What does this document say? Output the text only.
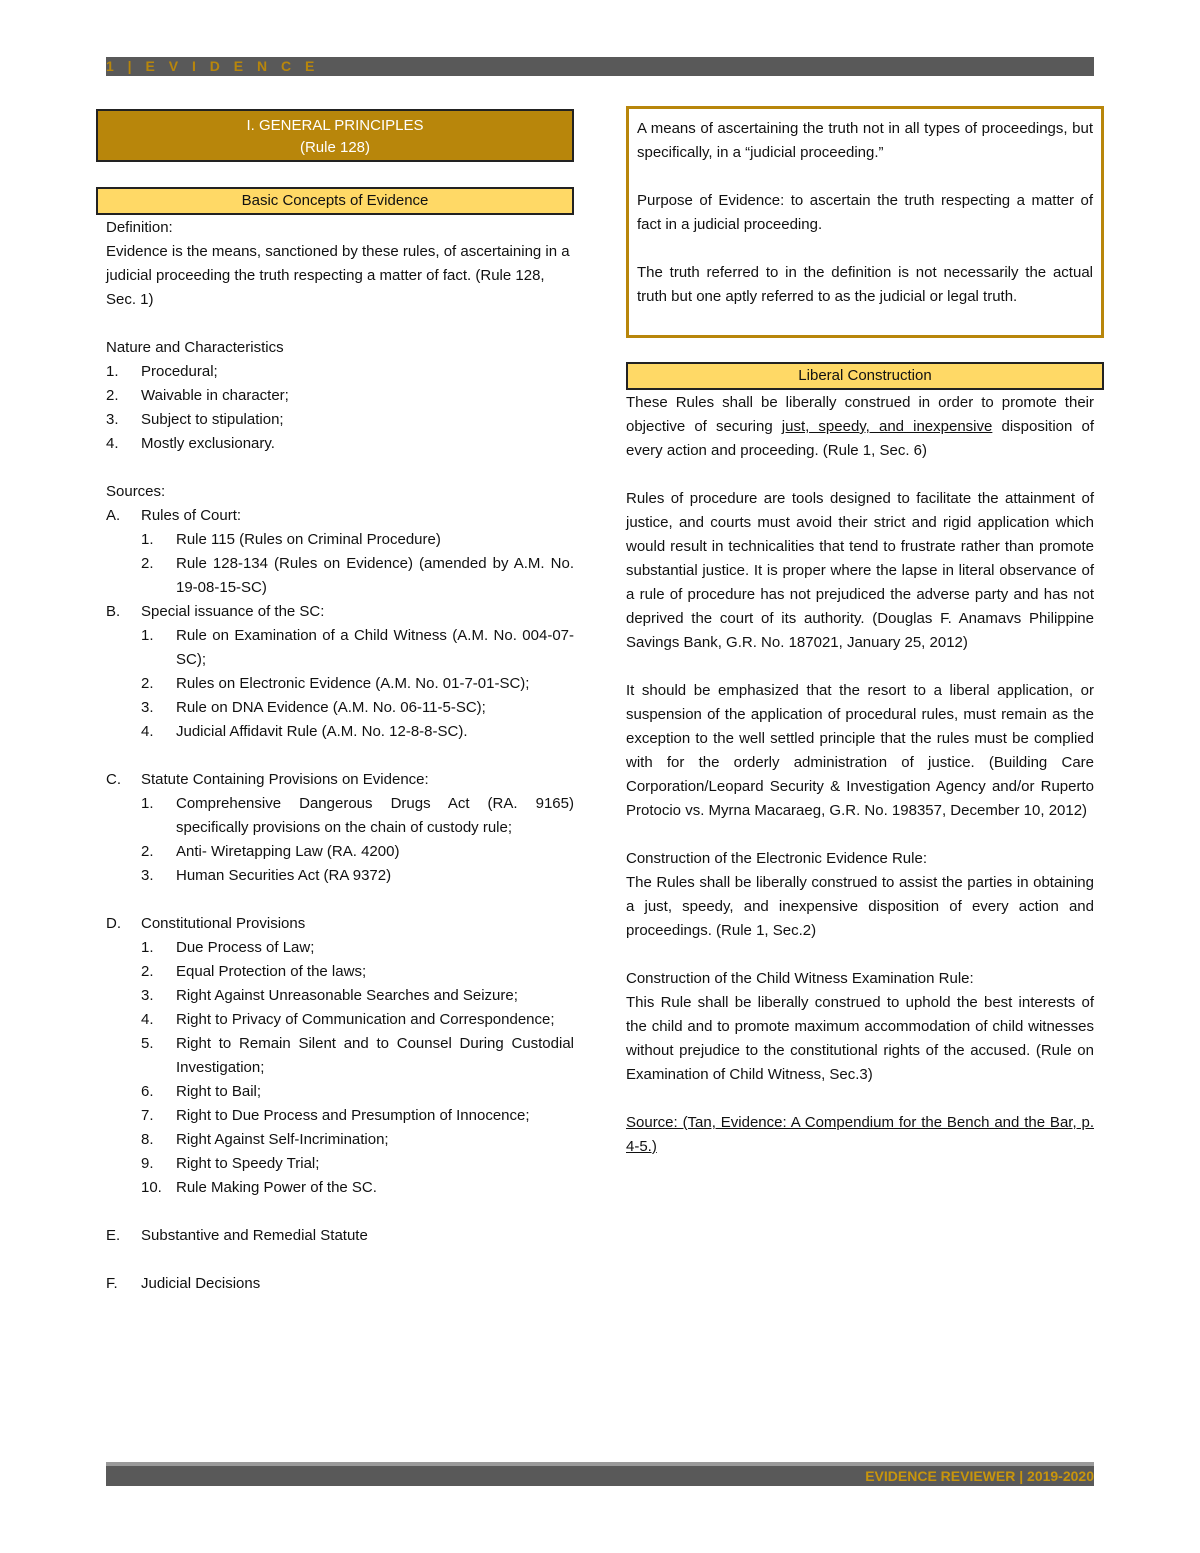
1 | E V I D E N C E
EVIDENCE REVIEWER | 2019-2020
I. GENERAL PRINCIPLES
(Rule 128)
Basic Concepts of Evidence

Definition:

Evidence is the means, sanctioned by these rules, of ascertaining in a judicial proceeding the truth respecting a matter of fact. (Rule 128, Sec. 1)

Nature and Characteristics

1. Procedural;
2. Waivable in character;
3. Subject to stipulation;
4. Mostly exclusionary.

Sources:

A. Rules of Court:
1. Rule 115 (Rules on Criminal Procedure)
2. Rule 128-134 (Rules on Evidence) (amended by A.M. No. 19-08-15-SC)
B. Special issuance of the SC:
1. Rule on Examination of a Child Witness (A.M. No. 004-07-SC);
2. Rules on Electronic Evidence (A.M. No. 01-7-01-SC);
3. Rule on DNA Evidence (A.M. No. 06-11-5-SC);
4. Judicial Affidavit Rule (A.M. No. 12-8-8-SC).
C. Statute Containing Provisions on Evidence:
1. Comprehensive Dangerous Drugs Act (RA. 9165) specifically provisions on the chain of custody rule;
2. Anti- Wiretapping Law (RA. 4200)
3. Human Securities Act (RA 9372)
D. Constitutional Provisions
1. Due Process of Law;
2. Equal Protection of the laws;
3. Right Against Unreasonable Searches and Seizure;
4. Right to Privacy of Communication and Correspondence;
5. Right to Remain Silent and to Counsel During Custodial Investigation;
6. Right to Bail;
7. Right to Due Process and Presumption of Innocence;
8. Right Against Self-Incrimination;
9. Right to Speedy Trial;
10. Rule Making Power of the SC.
E. Substantive and Remedial Statute
F. Judicial Decisions

A means of ascertaining the truth not in all types of proceedings, but specifically, in a “judicial proceeding.”

Purpose of Evidence: to ascertain the truth respecting a matter of fact in a judicial proceeding.

The truth referred to in the definition is not necessarily the actual truth but one aptly referred to as the judicial or legal truth.

Liberal Construction

These Rules shall be liberally construed in order to promote their objective of securing just, speedy, and inexpensive disposition of every action and proceeding. (Rule 1, Sec. 6)

Rules of procedure are tools designed to facilitate the attainment of justice, and courts must avoid their strict and rigid application which would result in technicalities that tend to frustrate rather than promote substantial justice. It is proper where the lapse in literal observance of a rule of procedure has not prejudiced the adverse party and has not deprived the court of its authority. (Douglas F. Anamavs Philippine Savings Bank, G.R. No. 187021, January 25, 2012)

It should be emphasized that the resort to a liberal application, or suspension of the application of procedural rules, must remain as the exception to the well settled principle that the rules must be complied with for the orderly administration of justice. (Building Care Corporation/Leopard Security & Investigation Agency and/or Ruperto Protocio vs. Myrna Macaraeg, G.R. No. 198357, December 10, 2012)

Construction of the Electronic Evidence Rule:

The Rules shall be liberally construed to assist the parties in obtaining a just, speedy, and inexpensive disposition of every action and proceedings. (Rule 1, Sec.2)

Construction of the Child Witness Examination Rule:

This Rule shall be liberally construed to uphold the best interests of the child and to promote maximum accommodation of child witnesses without prejudice to the constitutional rights of the accused. (Rule on Examination of Child Witness, Sec.3)

Source: (Tan, Evidence: A Compendium for the Bench and the Bar, p. 4-5.)
